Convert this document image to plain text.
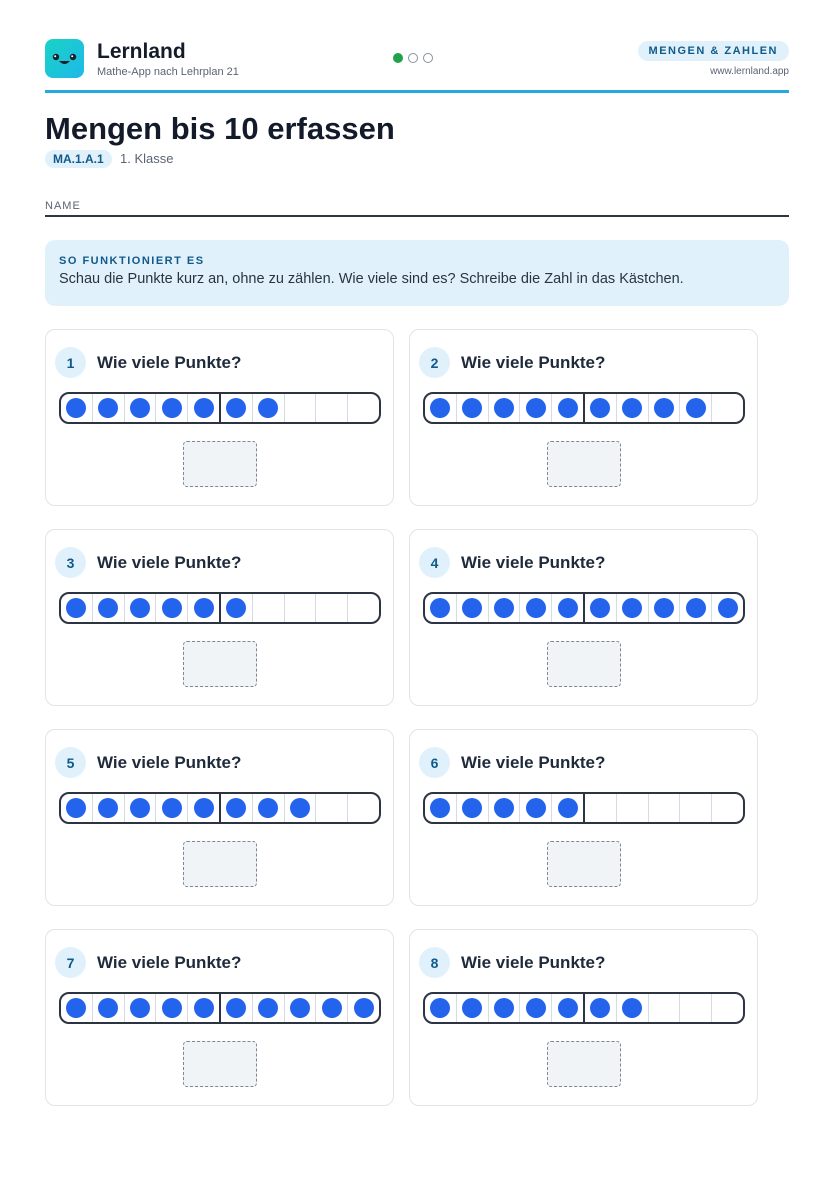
Lernland
Mathe-App nach Lehrplan 21
MENGEN & ZAHLEN
www.lernland.app
Mengen bis 10 erfassen
MA.1.A.1	1. Klasse
NAME
SO FUNKTIONIERT ES
Schau die Punkte kurz an, ohne zu zählen. Wie viele sind es? Schreibe die Zahl in das Kästchen.
1	Wie viele Punkte?	2	Wie viele Punkte?
3	Wie viele Punkte?	4	Wie viele Punkte?
5	Wie viele Punkte?	6	Wie viele Punkte?
7	Wie viele Punkte?	8	Wie viele Punkte?
